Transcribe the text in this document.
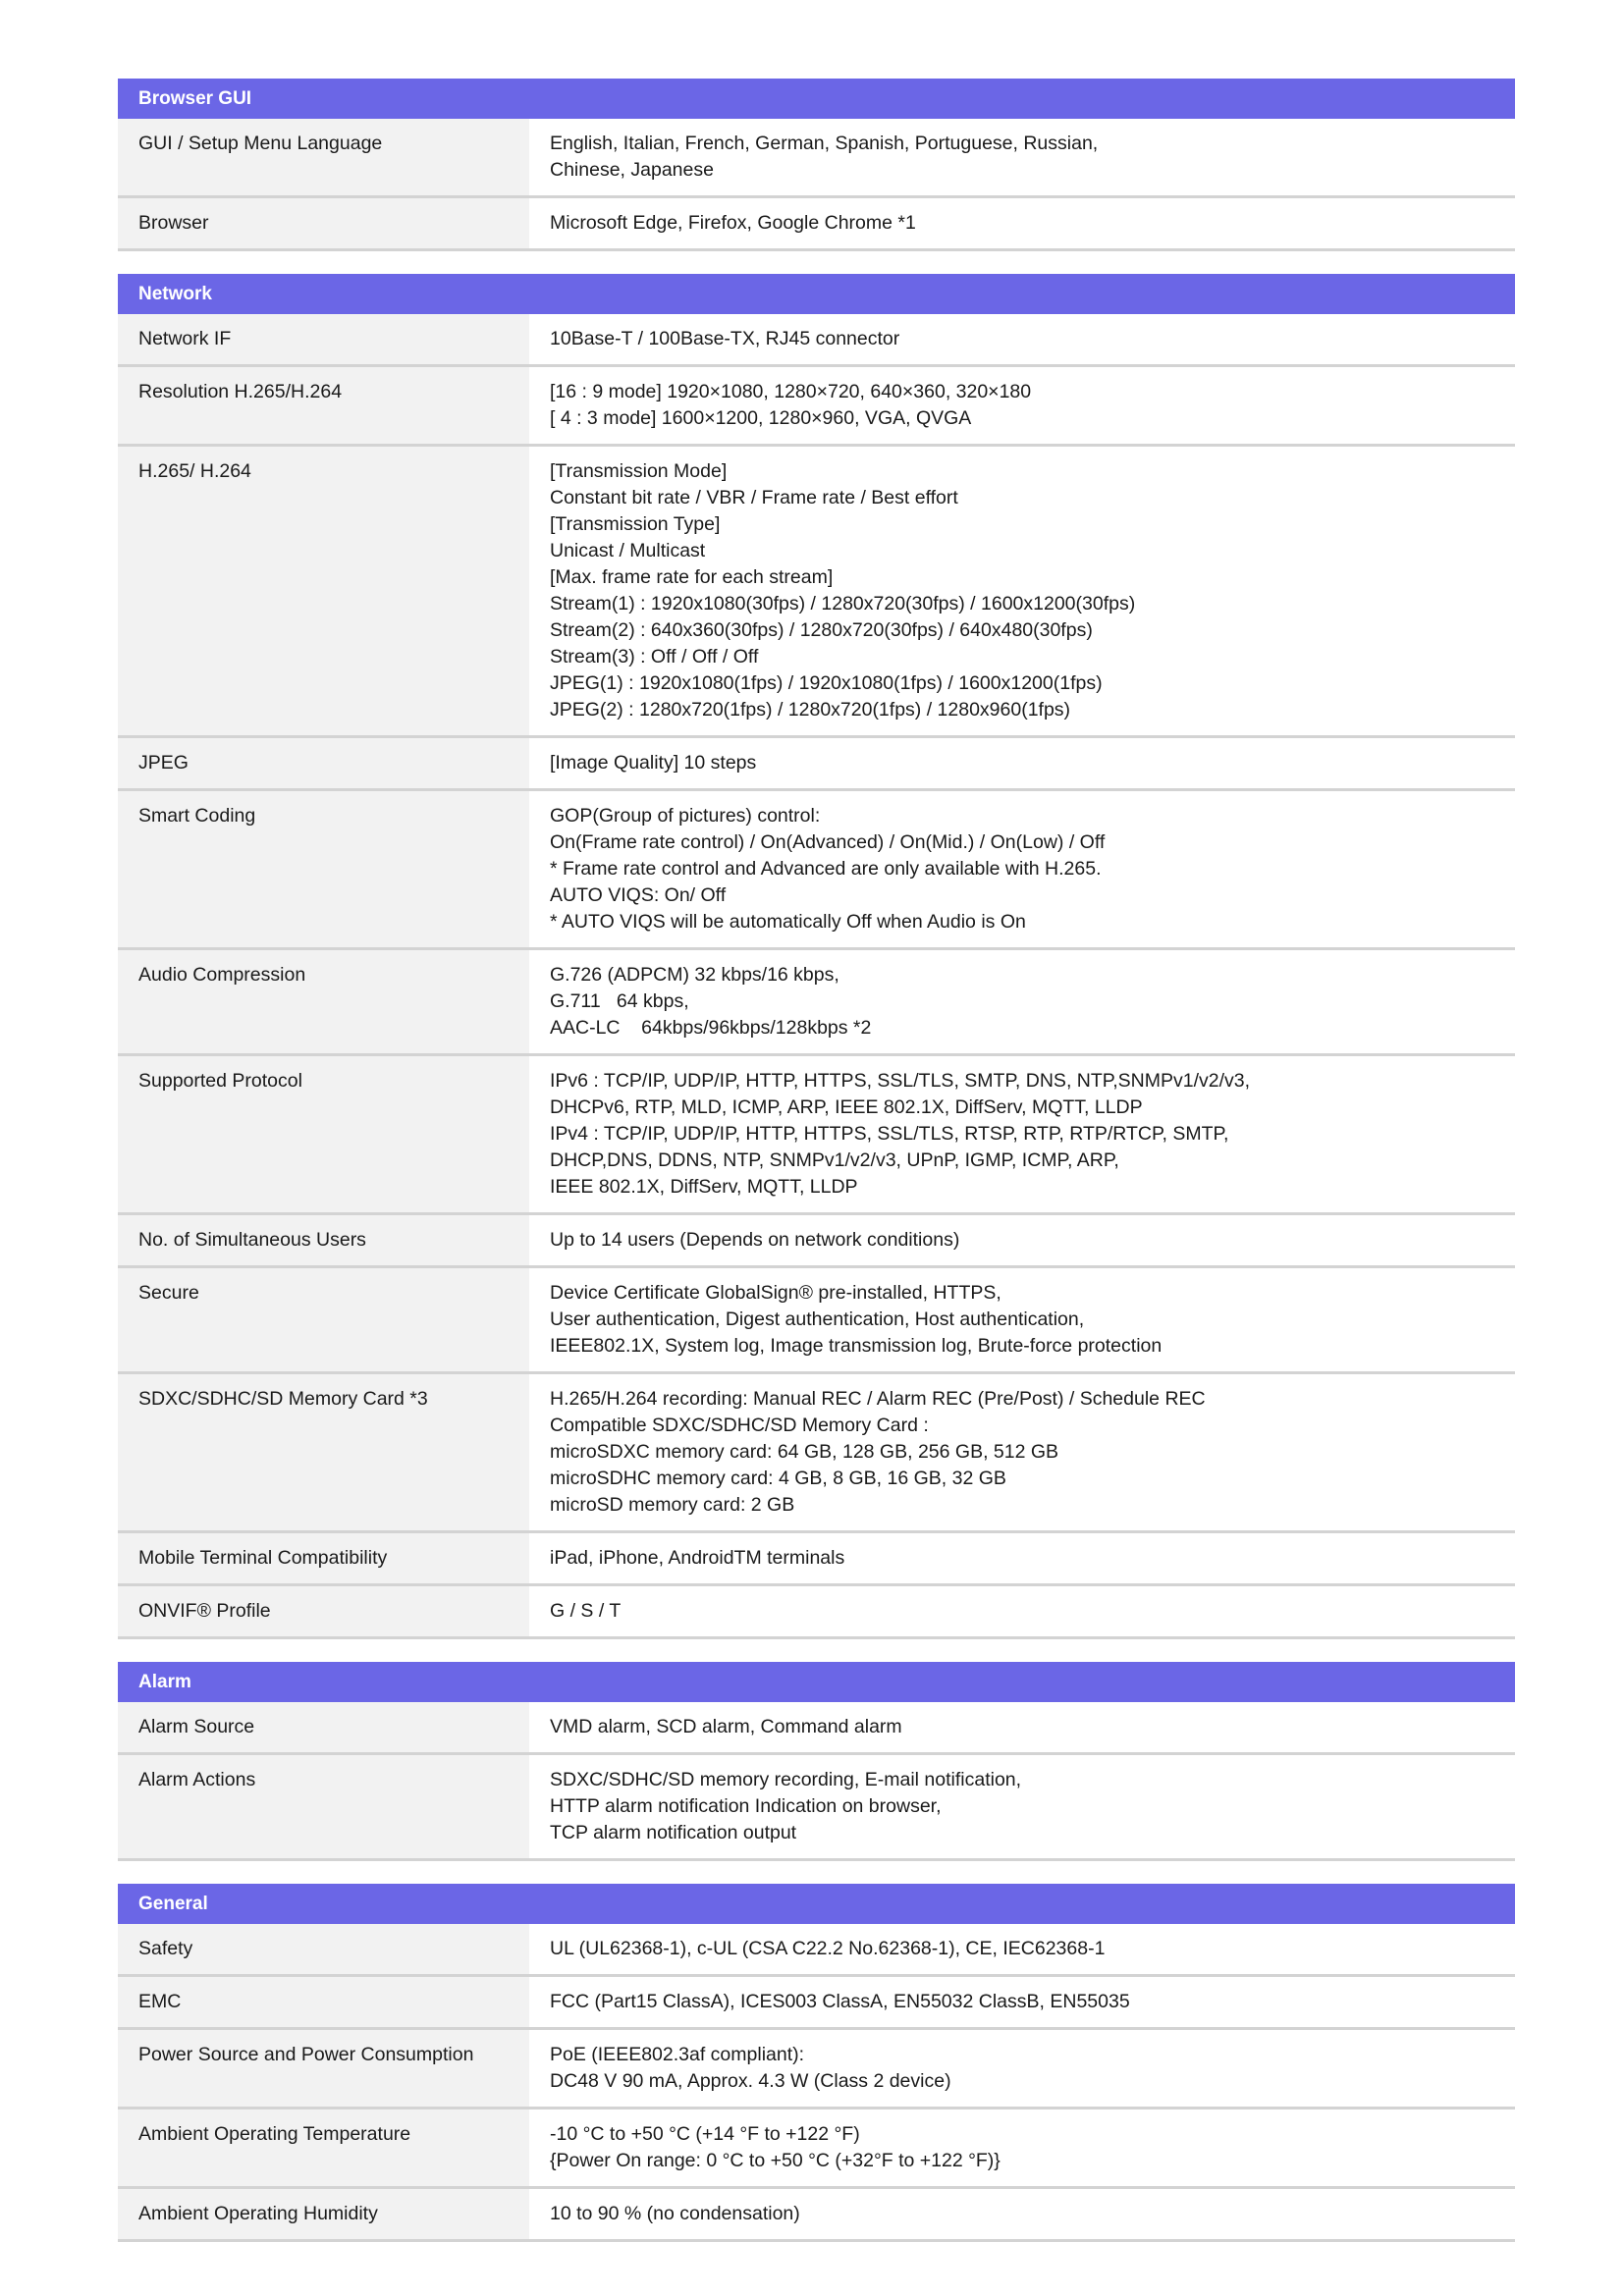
Browser GUI
GUI / Setup Menu Language	English, Italian, French, German, Spanish, Portuguese, Russian,
Chinese, Japanese
Browser	Microsoft Edge, Firefox, Google Chrome *1
Network
Network IF	10Base-T / 100Base-TX, RJ45 connector
Resolution H.265/H.264	[16 : 9 mode] 1920×1080, 1280×720, 640×360, 320×180
[ 4 : 3 mode] 1600×1200, 1280×960, VGA, QVGA
H.265/ H.264	[Transmission Mode]
Constant bit rate / VBR / Frame rate / Best effort
[Transmission Type]
Unicast / Multicast
[Max. frame rate for each stream]
Stream(1) : 1920x1080(30fps) / 1280x720(30fps) / 1600x1200(30fps)
Stream(2) : 640x360(30fps) / 1280x720(30fps) / 640x480(30fps)
Stream(3) : Off / Off / Off
JPEG(1) : 1920x1080(1fps) / 1920x1080(1fps) / 1600x1200(1fps)
JPEG(2) : 1280x720(1fps) / 1280x720(1fps) / 1280x960(1fps)
JPEG	[Image Quality] 10 steps
Smart Coding	GOP(Group of pictures) control:
On(Frame rate control) / On(Advanced) / On(Mid.) / On(Low) / Off
* Frame rate control and Advanced are only available with H.265.
AUTO VIQS: On/ Off
* AUTO VIQS will be automatically Off when Audio is On
Audio Compression	G.726 (ADPCM) 32 kbps/16 kbps,
G.711   64 kbps,
AAC-LC    64kbps/96kbps/128kbps *2
Supported Protocol	IPv6 : TCP/IP, UDP/IP, HTTP, HTTPS, SSL/TLS, SMTP, DNS, NTP,SNMPv1/v2/v3,
DHCPv6, RTP, MLD, ICMP, ARP, IEEE 802.1X, DiffServ, MQTT, LLDP
IPv4 : TCP/IP, UDP/IP, HTTP, HTTPS, SSL/TLS, RTSP, RTP, RTP/RTCP, SMTP,
DHCP,DNS, DDNS, NTP, SNMPv1/v2/v3, UPnP, IGMP, ICMP, ARP,
IEEE 802.1X, DiffServ, MQTT, LLDP
No. of Simultaneous Users	Up to 14 users (Depends on network conditions)
Secure	Device Certificate GlobalSign® pre-installed, HTTPS,
User authentication, Digest authentication, Host authentication,
IEEE802.1X, System log, Image transmission log, Brute-force protection
SDXC/SDHC/SD Memory Card *3	H.265/H.264 recording: Manual REC / Alarm REC (Pre/Post) / Schedule REC
Compatible SDXC/SDHC/SD Memory Card :
microSDXC memory card: 64 GB, 128 GB, 256 GB, 512 GB
microSDHC memory card: 4 GB, 8 GB, 16 GB, 32 GB
microSD memory card: 2 GB
Mobile Terminal Compatibility	iPad, iPhone, AndroidTM terminals
ONVIF® Profile	G / S / T
Alarm
Alarm Source	VMD alarm, SCD alarm, Command alarm
Alarm Actions	SDXC/SDHC/SD memory recording, E-mail notification,
HTTP alarm notification Indication on browser,
TCP alarm notification output
General
Safety	UL (UL62368-1), c-UL (CSA C22.2 No.62368-1), CE, IEC62368-1
EMC	FCC (Part15 ClassA), ICES003 ClassA, EN55032 ClassB, EN55035
Power Source and Power Consumption	PoE (IEEE802.3af compliant):
DC48 V 90 mA, Approx. 4.3 W (Class 2 device)
Ambient Operating Temperature	-10 °C to +50 °C (+14 °F to +122 °F)
{Power On range: 0 °C to +50 °C (+32°F to +122 °F)}
Ambient Operating Humidity	10 to 90 % (no condensation)
